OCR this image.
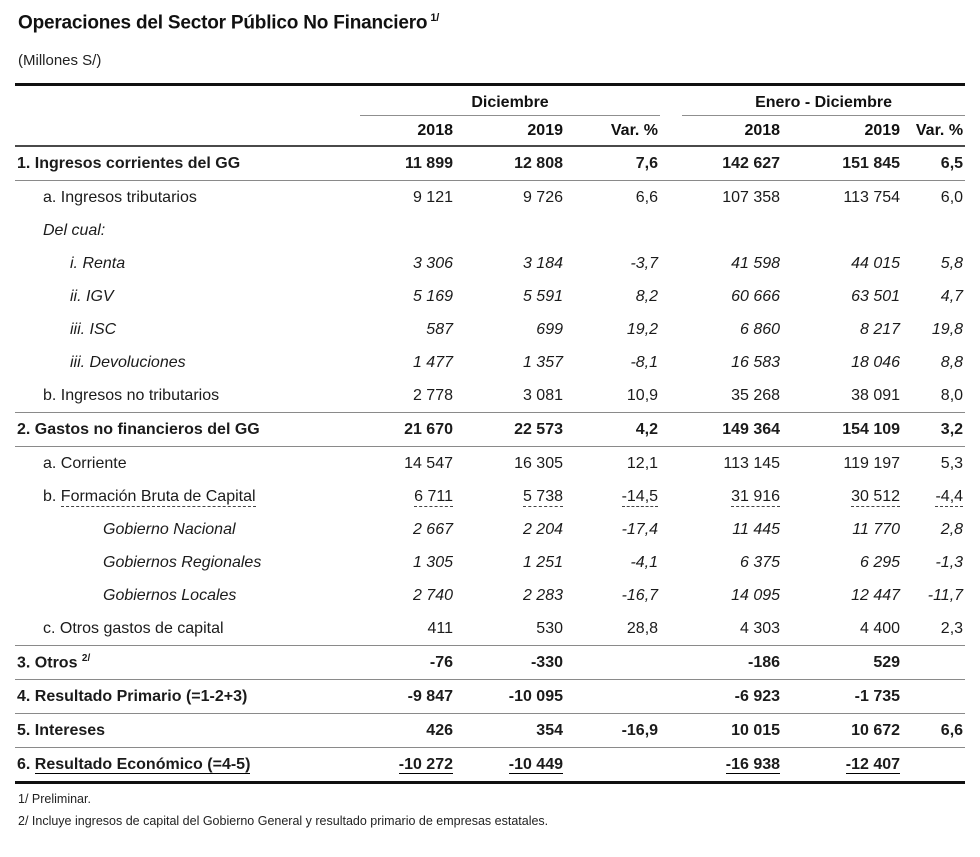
Operaciones del Sector Público No Financiero $^{1/}$
(Millones S/)
	Diciembre				Enero - Diciembre		
	2018	2019	Var. %		2018	2019	Var. %
1. Ingresos corrientes del GG	11 899	12 808	7,6		142 627	151 845	6,5
a. Ingresos tributarios	9 121	9 726	6,6		107 358	113 754	6,0
Del cual:							
i. Renta	3 306	3 184	-3,7		41 598	44 015	5,8
ii. IGV	5 169	5 591	8,2		60 666	63 501	4,7
iii. ISC	587	699	19,2		6 860	8 217	19,8
iii. Devoluciones	1 477	1 357	-8,1		16 583	18 046	8,8
b. Ingresos no tributarios	2 778	3 081	10,9		35 268	38 091	8,0
2. Gastos no financieros del GG	21 670	22 573	4,2		149 364	154 109	3,2
a. Corriente	14 547	16 305	12,1		113 145	119 197	5,3
b. Formación Bruta de Capital	6 711	5 738	-14,5		31 916	30 512	-4,4
Gobierno Nacional	2 667	2 204	-17,4		11 445	11 770	2,8
Gobiernos Regionales	1 305	1 251	-4,1		6 375	6 295	-1,3
Gobiernos Locales	2 740	2 283	-16,7		14 095	12 447	-11,7
c. Otros gastos de capital	411	530	28,8		4 303	4 400	2,3
3. Otros $^{2/}$	-76	-330			-186	529	
4. Resultado Primario (=1-2+3)	-9 847	-10 095			-6 923	-1 735	
5. Intereses	426	354	-16,9		10 015	10 672	6,6
6. Resultado Económico (=4-5)	-10 272	-10 449			-16 938	-12 407	
1/ Preliminar.
2/ Incluye ingresos de capital del Gobierno General y resultado primario de empresas estatales.
